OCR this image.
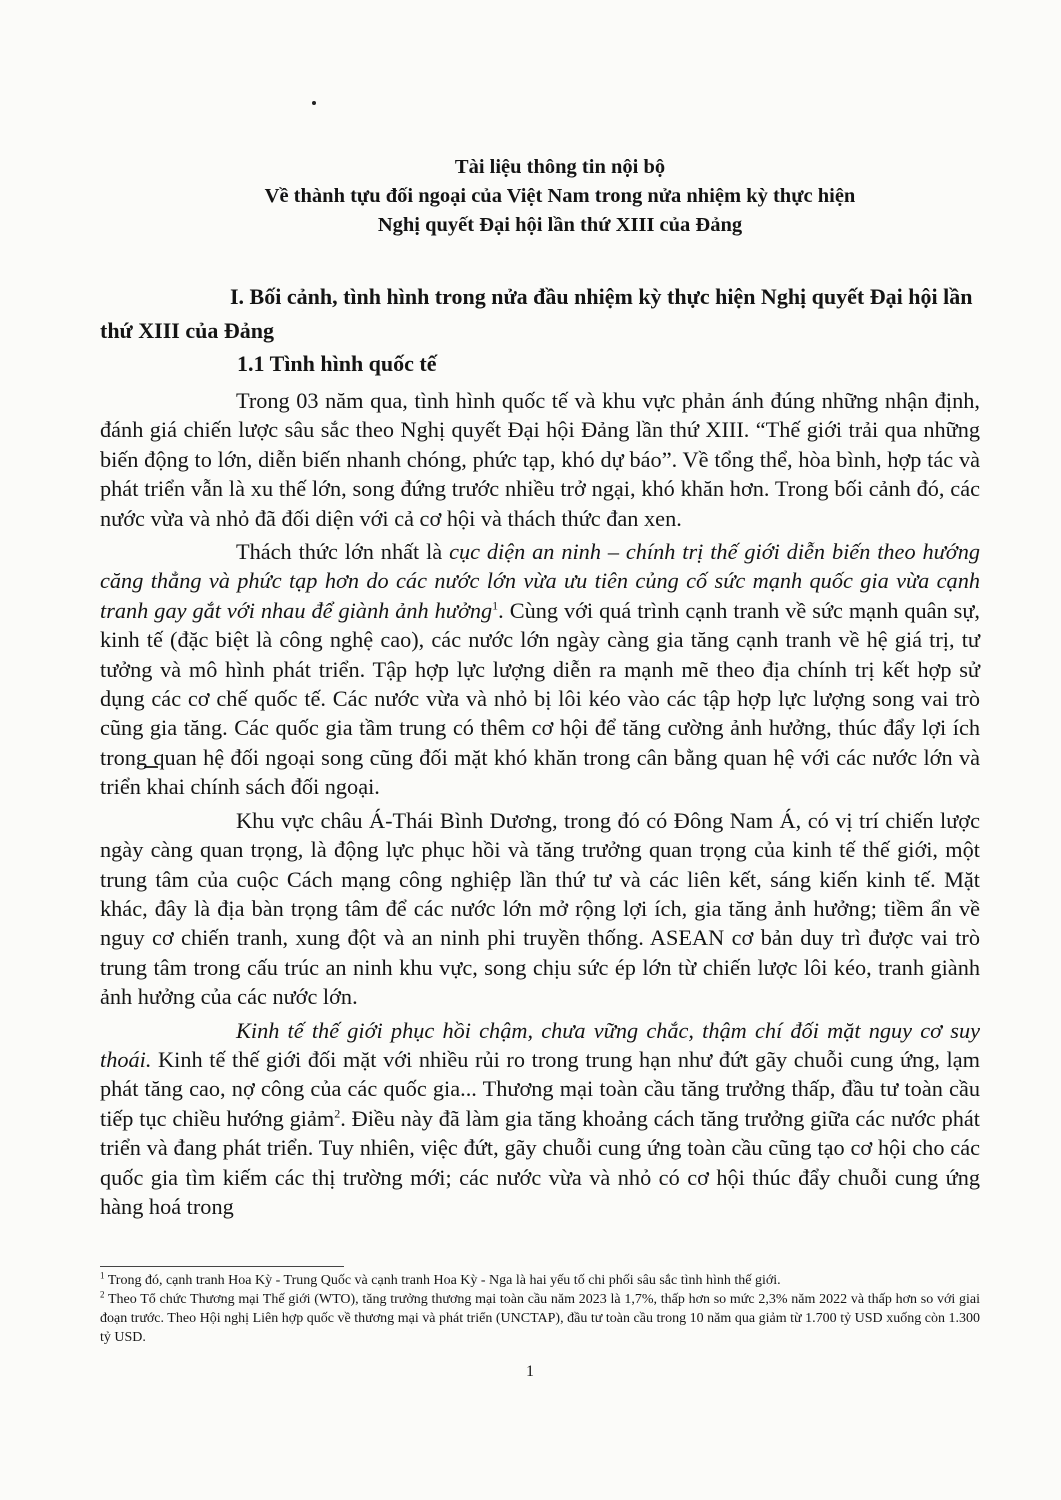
Tài liệu thông tin nội bộ
Về thành tựu đối ngoại của Việt Nam trong nửa nhiệm kỳ thực hiện
Nghị quyết Đại hội lần thứ XIII của Đảng
I. Bối cảnh, tình hình trong nửa đầu nhiệm kỳ thực hiện Nghị quyết Đại hội lần thứ XIII của Đảng
1.1 Tình hình quốc tế

Trong 03 năm qua, tình hình quốc tế và khu vực phản ánh đúng những nhận định, đánh giá chiến lược sâu sắc theo Nghị quyết Đại hội Đảng lần thứ XIII. “Thế giới trải qua những biến động to lớn, diễn biến nhanh chóng, phức tạp, khó dự báo”. Về tổng thể, hòa bình, hợp tác và phát triển vẫn là xu thế lớn, song đứng trước nhiều trở ngại, khó khăn hơn. Trong bối cảnh đó, các nước vừa và nhỏ đã đối diện với cả cơ hội và thách thức đan xen.

Thách thức lớn nhất là cục diện an ninh – chính trị thế giới diễn biến theo hướng căng thẳng và phức tạp hơn do các nước lớn vừa ưu tiên củng cố sức mạnh quốc gia vừa cạnh tranh gay gắt với nhau để giành ảnh hưởng$^1$. Cùng với quá trình cạnh tranh về sức mạnh quân sự, kinh tế (đặc biệt là công nghệ cao), các nước lớn ngày càng gia tăng cạnh tranh về hệ giá trị, tư tưởng và mô hình phát triển. Tập hợp lực lượng diễn ra mạnh mẽ theo địa chính trị kết hợp sử dụng các cơ chế quốc tế. Các nước vừa và nhỏ bị lôi kéo vào các tập hợp lực lượng song vai trò cũng gia tăng. Các quốc gia tầm trung có thêm cơ hội để tăng cường ảnh hưởng, thúc đẩy lợi ích trong quan hệ đối ngoại song cũng đối mặt khó khăn trong cân bằng quan hệ với các nước lớn và triển khai chính sách đối ngoại.

Khu vực châu Á-Thái Bình Dương, trong đó có Đông Nam Á, có vị trí chiến lược ngày càng quan trọng, là động lực phục hồi và tăng trưởng quan trọng của kinh tế thế giới, một trung tâm của cuộc Cách mạng công nghiệp lần thứ tư và các liên kết, sáng kiến kinh tế. Mặt khác, đây là địa bàn trọng tâm để các nước lớn mở rộng lợi ích, gia tăng ảnh hưởng; tiềm ẩn về nguy cơ chiến tranh, xung đột và an ninh phi truyền thống. ASEAN cơ bản duy trì được vai trò trung tâm trong cấu trúc an ninh khu vực, song chịu sức ép lớn từ chiến lược lôi kéo, tranh giành ảnh hưởng của các nước lớn.

Kinh tế thế giới phục hồi chậm, chưa vững chắc, thậm chí đối mặt nguy cơ suy thoái. Kinh tế thế giới đối mặt với nhiều rủi ro trong trung hạn như đứt gãy chuỗi cung ứng, lạm phát tăng cao, nợ công của các quốc gia... Thương mại toàn cầu tăng trưởng thấp, đầu tư toàn cầu tiếp tục chiều hướng giảm$^2$. Điều này đã làm gia tăng khoảng cách tăng trưởng giữa các nước phát triển và đang phát triển. Tuy nhiên, việc đứt, gãy chuỗi cung ứng toàn cầu cũng tạo cơ hội cho các quốc gia tìm kiếm các thị trường mới; các nước vừa và nhỏ có cơ hội thúc đẩy chuỗi cung ứng hàng hoá trong

$^1$ Trong đó, cạnh tranh Hoa Kỳ - Trung Quốc và cạnh tranh Hoa Kỳ - Nga là hai yếu tố chi phối sâu sắc tình hình thế giới.

$^2$ Theo Tổ chức Thương mại Thế giới (WTO), tăng trưởng thương mại toàn cầu năm 2023 là 1,7%, thấp hơn so mức 2,3% năm 2022 và thấp hơn so với giai đoạn trước. Theo Hội nghị Liên hợp quốc về thương mại và phát triển (UNCTAP), đầu tư toàn cầu trong 10 năm qua giảm từ 1.700 tỷ USD xuống còn 1.300 tỷ USD.

1
